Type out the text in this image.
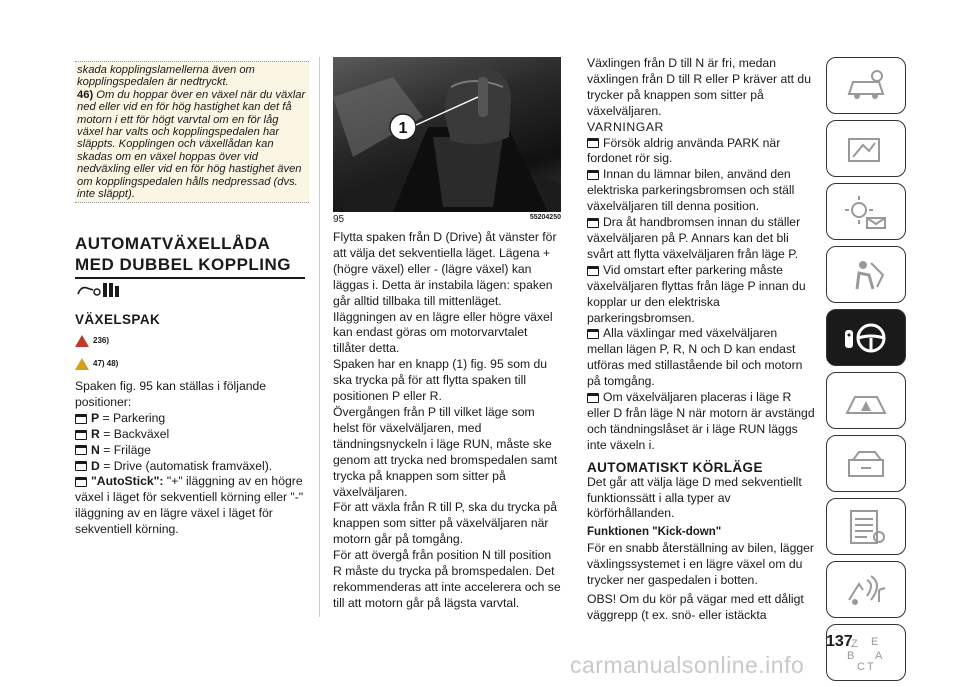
skada kopplingslamellerna även om kopplingspedalen är nedtryckt.

46) Om du hoppar över en växel när du växlar ned eller vid en för hög hastighet kan det få motorn i ett för högt varvtal om en för låg växel har valts och kopplingspedalen har släppts. Kopplingen och växellådan kan skadas om en växel hoppas över vid nedväxling eller vid en för hög hastighet även om kopplingspedalen hålls nedpressad (dvs. inte släppt).

AUTOMATVÄXELLÅDA MED DUBBEL KOPPLING
VÄXELSPAK
236)
47) 48)

Spaken fig. 95 kan ställas i följande positioner:

P = Parkering

R = Backväxel

N = Friläge

D = Drive (automatisk framväxel).

"AutoStick": "+" iläggning av en högre växel i läget för sekventiell körning eller "-" iläggning av en lägre växel i läget för sekventiell körning.

1
95	55204250

Flytta spaken från D (Drive) åt vänster för att välja det sekventiella läget. Lägena + (högre växel) eller - (lägre växel) kan läggas i. Detta är instabila lägen: spaken går alltid tillbaka till mittenläget.

Iläggningen av en lägre eller högre växel kan endast göras om motorvarvtalet tillåter detta.

Spaken har en knapp (1) fig. 95 som du ska trycka på för att flytta spaken till positionen P eller R.

Övergången från P till vilket läge som helst för växelväljaren, med tändningsnyckeln i läge RUN, måste ske genom att trycka ned bromspedalen samt trycka på knappen som sitter på växelväljaren.

För att växla från R till P, ska du trycka på knappen som sitter på växelväljaren när motorn går på tomgång.

För att övergå från position N till position R måste du trycka på bromspedalen. Det rekommenderas att inte accelerera och se till att motorn går på lägsta varvtal.

Växlingen från D till N är fri, medan växlingen från D till R eller P kräver att du trycker på knappen som sitter på växelväljaren.

VARNINGAR

Försök aldrig använda PARK när fordonet rör sig.

Innan du lämnar bilen, använd den elektriska parkeringsbromsen och ställ växelväljaren till denna position.

Dra åt handbromsen innan du ställer växelväljaren på P. Annars kan det bli svårt att flytta växelväljaren från läge P.

Vid omstart efter parkering måste växelväljaren flyttas från läge P innan du kopplar ur den elektriska parkeringsbromsen.

Alla växlingar med växelväljaren mellan lägen P, R, N och D kan endast utföras med stillastående bil och motorn på tomgång.

Om växelväljaren placeras i läge R eller D från läge N när motorn är avstängd och tändningslåset är i läge RUN läggs inte växeln i.

AUTOMATISKT KÖRLÄGE

Det går att välja läge D med sekventiellt funktionssätt i alla typer av körförhållanden.

Funktionen "Kick-down"

För en snabb återställning av bilen, lägger växlingssystemet i en lägre växel om du trycker ner gaspedalen i botten.

OBS! Om du kör på vägar med ett dåligt väggrepp (t ex. snö- eller istäckta

Z E
B A
C T
137
carmanualsonline.info
